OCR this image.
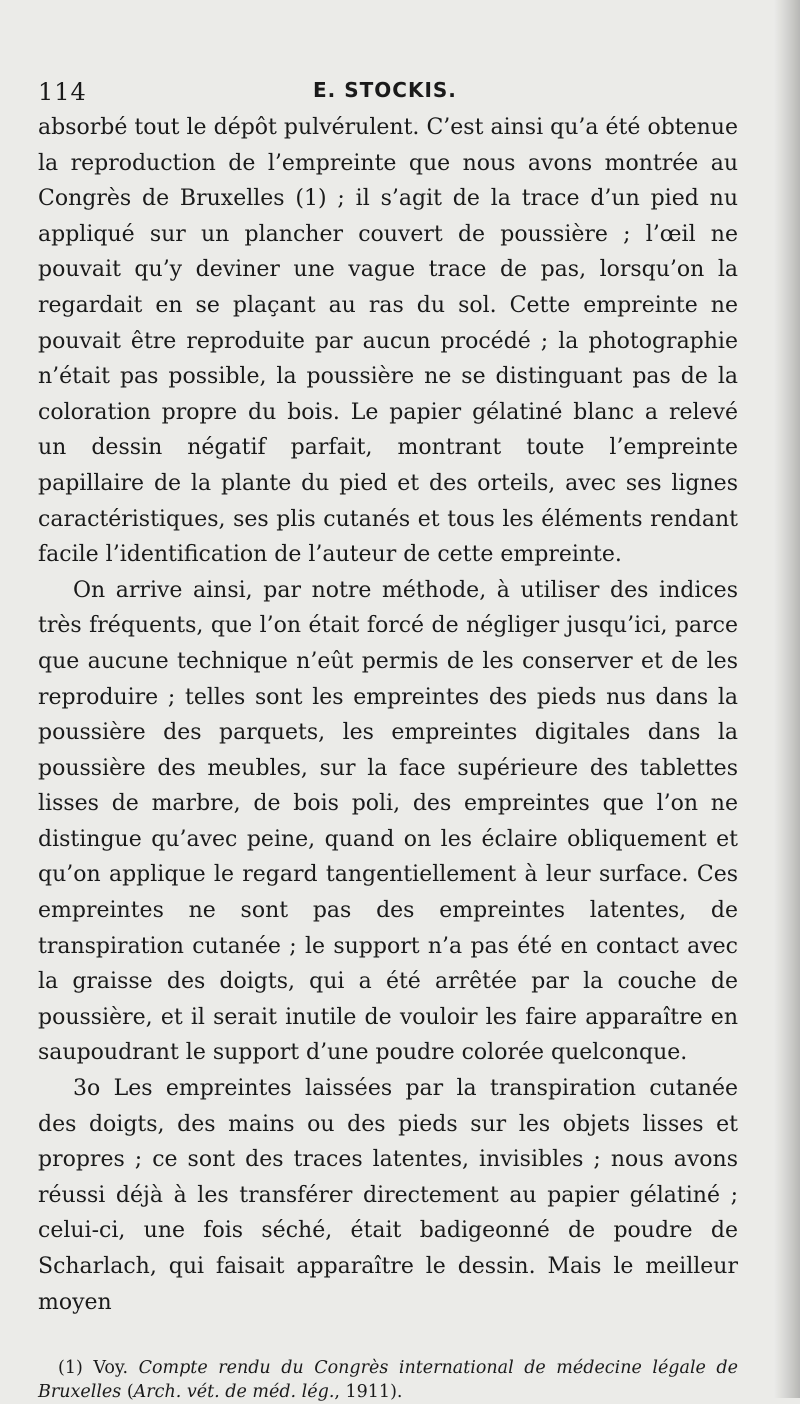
114	E. STOCKIS.

absorbé tout le dépôt pulvérulent. C’est ainsi qu’a été obtenue la reproduction de l’empreinte que nous avons montrée au Congrès de Bruxelles (1) ; il s’agit de la trace d’un pied nu appliqué sur un plancher couvert de poussière ; l’œil ne pouvait qu’y deviner une vague trace de pas, lorsqu’on la regardait en se plaçant au ras du sol. Cette empreinte ne pouvait être reproduite par aucun procédé ; la photographie n’était pas possible, la poussière ne se distinguant pas de la coloration propre du bois. Le papier gélatiné blanc a relevé un dessin négatif parfait, montrant toute l’empreinte papillaire de la plante du pied et des orteils, avec ses lignes caractéristiques, ses plis cutanés et tous les éléments rendant facile l’identification de l’auteur de cette empreinte.

On arrive ainsi, par notre méthode, à utiliser des indices très fréquents, que l’on était forcé de négliger jusqu’ici, parce que aucune technique n’eût permis de les conserver et de les reproduire ; telles sont les empreintes des pieds nus dans la poussière des parquets, les empreintes digitales dans la poussière des meubles, sur la face supérieure des tablettes lisses de marbre, de bois poli, des empreintes que l’on ne distingue qu’avec peine, quand on les éclaire obliquement et qu’on applique le regard tangentiellement à leur surface. Ces empreintes ne sont pas des empreintes latentes, de transpiration cutanée ; le support n’a pas été en contact avec la graisse des doigts, qui a été arrêtée par la couche de poussière, et il serait inutile de vouloir les faire apparaître en saupoudrant le support d’une poudre colorée quelconque.

3o Les empreintes laissées par la transpiration cutanée des doigts, des mains ou des pieds sur les objets lisses et propres ; ce sont des traces latentes, invisibles ; nous avons réussi déjà à les transférer directement au papier gélatiné ; celui-ci, une fois séché, était badigeonné de poudre de Scharlach, qui faisait apparaître le dessin. Mais le meilleur moyen

(1) Voy. Compte rendu du Congrès international de médecine légale de Bruxelles (Arch. vét. de méd. lég., 1911).
